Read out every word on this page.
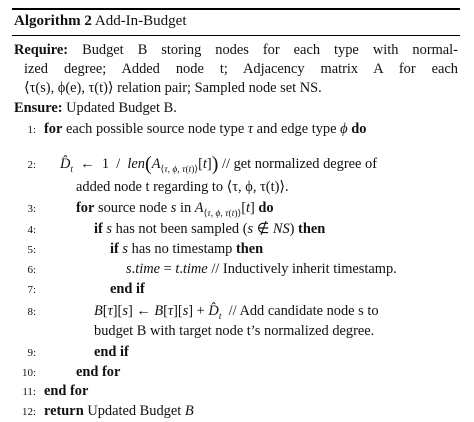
Algorithm 2 Add-In-Budget
Require: Budget B storing nodes for each type with normal-
ized degree; Added node t; Adjacency matrix A for each
⟨τ(s), ϕ(e), τ(t)⟩ relation pair; Sampled node set NS.
Ensure: Updated Budget B.
1: for each possible source node type τ and edge type ϕ do
2: $D̂_t$  ←  $1 / len(A_{⟨\tau, \phi, \tau(t)⟩}[t])$ // get normalized degree of
added node t regarding to ⟨τ, ϕ, τ(t)⟩.
3:	for source node s in $A_{⟨\tau, \phi, \tau(t)⟩}[t]$ do
4:	if s has not been sampled (s ∉ NS) then
5:	if s has no timestamp then
6:	s.time = t.time // Inductively inherit timestamp.
7:	end if
8:	B[τ][s] ← $B[\tau][s] + D̂_t$ // Add candidate node s to
budget B with target node t’s normalized degree.
9:	end if
10:	end for
11: end for
12: return Updated Budget B
